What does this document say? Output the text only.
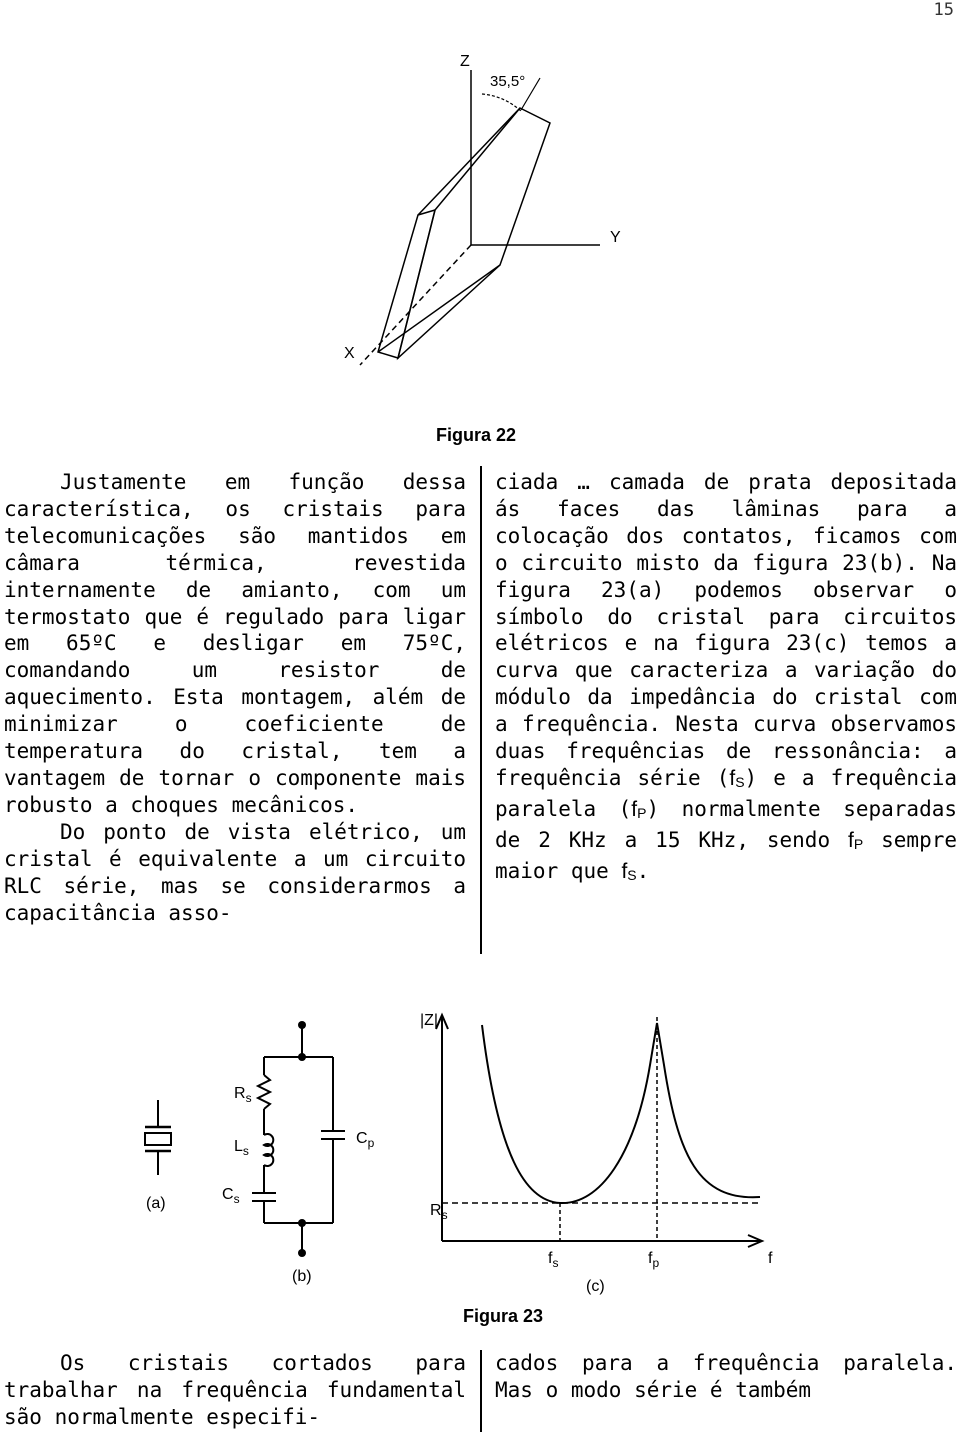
15
Z
Y
X
35,5°
Figura 22

Justamente em função dessa característica, os cristais para telecomunicações são mantidos em câmara térmica, revestida internamente de amianto, com um termostato que é regulado para ligar em 65ºC e desligar em 75ºC, comandando um resistor de aquecimento. Esta montagem, além de minimizar o coeficiente de temperatura do cristal, tem a vantagem de tornar o componente mais robusto a choques mecânicos.

Do ponto de vista elétrico, um cristal é equivalente a um circuito RLC série, mas se considerarmos a capacitância asso-

ciada … camada de prata depositada ás faces das lâminas para a colocação dos contatos, ficamos com o circuito misto da figura 23(b). Na figura 23(a) podemos observar o símbolo do cristal para circuitos elétricos e na figura 23(c) temos a curva que caracteriza a variação do módulo da impedância do cristal com a frequência. Nesta curva observamos duas frequências de ressonância: a frequência série (fS) e a frequência paralela (fP) normalmente separadas de 2 KHz a 15 KHz, sendo fP sempre maior que fS.

(a)
$R_s$
$L_s$
$C_s$
$C_p$
(b)
|Z|
$R_s$
$f_s$	$f_p$	f
(c)
Figura 23

Os cristais cortados para trabalhar na frequência fundamental são normalmente especifi-

cados para a frequência paralela. Mas o modo série é também
